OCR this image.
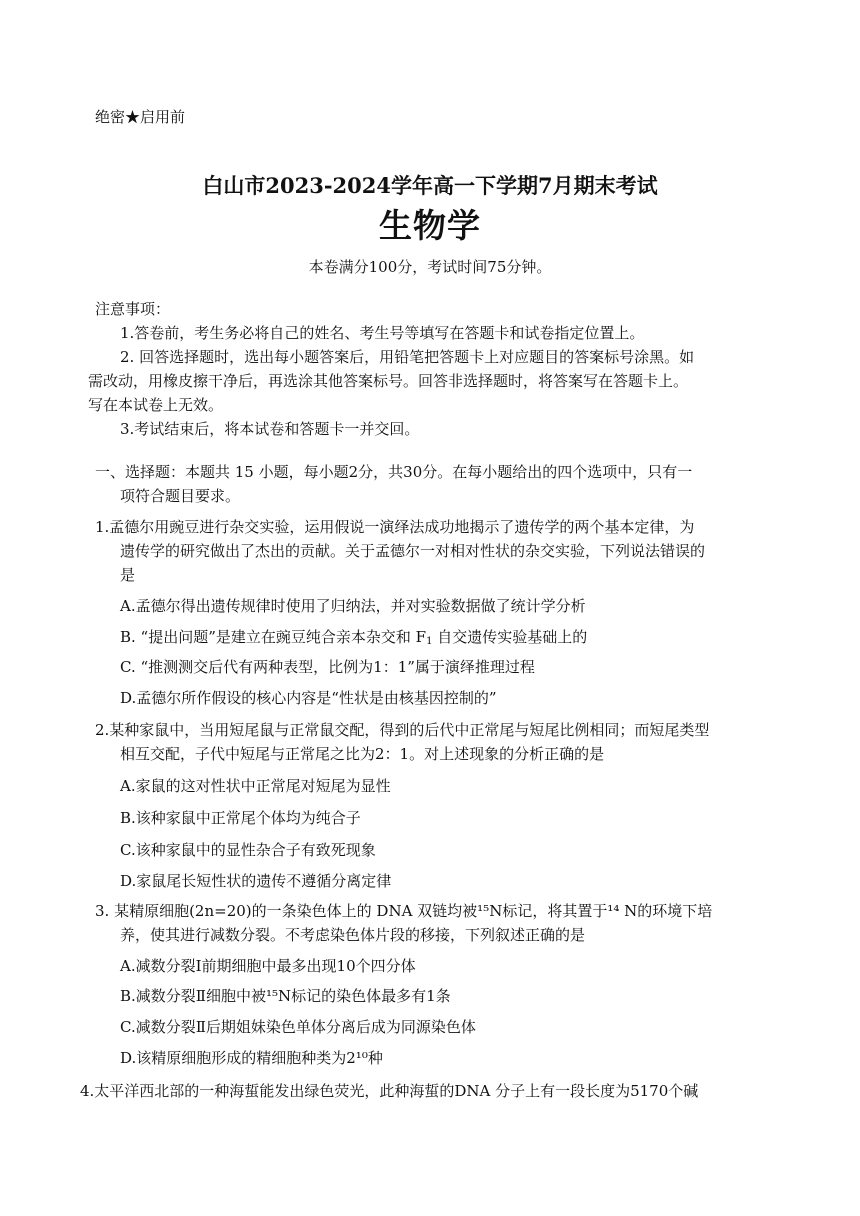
绝密★启用前
白山市2023-2024学年高一下学期7月期末考试
生物学
本卷满分100分，考试时间75分钟。
注意事项：
1.答卷前，考生务必将自己的姓名、考生号等填写在答题卡和试卷指定位置上。
2. 回答选择题时，选出每小题答案后，用铅笔把答题卡上对应题目的答案标号涂黑。如
需改动，用橡皮擦干净后，再选涂其他答案标号。回答非选择题时，将答案写在答题卡上。
写在本试卷上无效。
3.考试结束后，将本试卷和答题卡一并交回。
一、选择题：本题共 15 小题，每小题2分，共30分。在每小题给出的四个选项中，只有一
项符合题目要求。
1.孟德尔用豌豆进行杂交实验，运用假说一演绎法成功地揭示了遗传学的两个基本定律，为
遗传学的研究做出了杰出的贡献。关于孟德尔一对相对性状的杂交实验，下列说法错误的
是
A.孟德尔得出遗传规律时使用了归纳法，并对实验数据做了统计学分析
B. “提出问题”是建立在豌豆纯合亲本杂交和 $F_1$ 自交遗传实验基础上的
C. “推测测交后代有两种表型，比例为1：1”属于演绎推理过程
D.孟德尔所作假设的核心内容是“性状是由核基因控制的”
2.某种家鼠中，当用短尾鼠与正常鼠交配，得到的后代中正常尾与短尾比例相同；而短尾类型
相互交配，子代中短尾与正常尾之比为2：1。对上述现象的分析正确的是
A.家鼠的这对性状中正常尾对短尾为显性
B.该种家鼠中正常尾个体均为纯合子
C.该种家鼠中的显性杂合子有致死现象
D.家鼠尾长短性状的遗传不遵循分离定律
3. 某精原细胞(2n=20)的一条染色体上的 DNA 双链均被¹⁵N标记，将其置于¹⁴ N的环境下培
养，使其进行减数分裂。不考虑染色体片段的移接，下列叙述正确的是
A.减数分裂Ⅰ前期细胞中最多出现10个四分体
B.减数分裂Ⅱ细胞中被¹⁵N标记的染色体最多有1条
C.减数分裂Ⅱ后期姐妹染色单体分离后成为同源染色体
D.该精原细胞形成的精细胞种类为2¹⁰种
4.太平洋西北部的一种海蜇能发出绿色荧光，此种海蜇的DNA 分子上有一段长度为5170个碱
